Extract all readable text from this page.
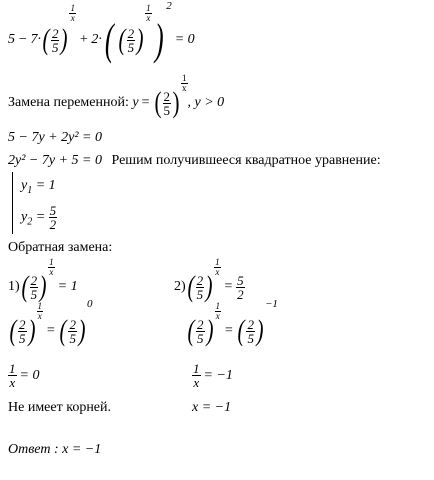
$5 - 7\cdot( \frac{2}{5}$ )
$\frac{1}{x}$
+ 2·( ( $\frac{2}{5}$ )
$\frac{1}{x}$
)2= 0
Замена переменной: y = ( $\frac{2}{5}$ )
$\frac{1}{x}$
, y > 0
5 − 7y + 2y² = 0
2y² − 7y + 5 = 0 Решим получившееся квадратное уравнение:
$y_1 = 1$
$y_2 = \frac{5}{2}$
Обратная замена:
$1)( \frac{2}{5}$ )
$\frac{1}{x}$
= 1
( $\frac{2}{5}$ )
$\frac{1}{x}$
= ( $\frac{2}{5} )0$
$\frac{1}{x} = 0$
Не имеет корней.
$2)( \frac{2}{5}$ )
$\frac{1}{x}$
= $\frac{5}{2}$
( $\frac{2}{5}$ )
$\frac{1}{x}$
= ( $\frac{2}{5} )-1$
$\frac{1}{x} = -1$
x = −1
Ответ : x = −1
